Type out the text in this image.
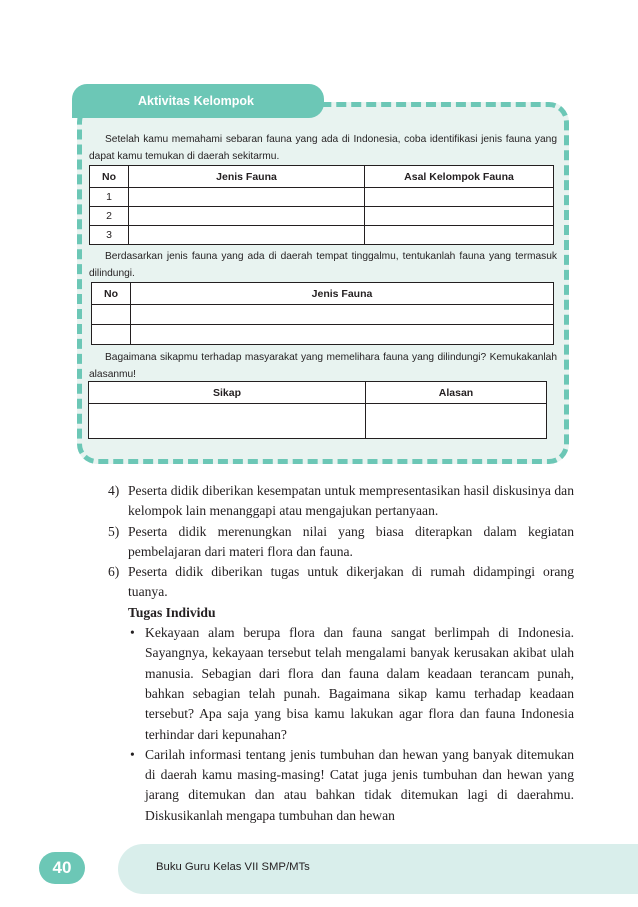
Aktivitas Kelompok

Setelah kamu memahami sebaran fauna yang ada di Indonesia, coba identifikasi jenis fauna yang dapat kamu temukan di daerah sekitarmu.

No	Jenis Fauna	Asal Kelompok Fauna
1		
2		
3		

Berdasarkan jenis fauna yang ada di daerah tempat tinggalmu, tentukanlah fauna yang termasuk dilindungi.

No	Jenis Fauna

Bagaimana sikapmu terhadap masyarakat yang memelihara fauna yang dilindungi? Kemukakanlah alasanmu!

Sikap	Alasan

4) Peserta didik diberikan kesempatan untuk mempresentasikan hasil diskusinya dan kelompok lain menanggapi atau mengajukan pertanyaan.
5) Peserta didik merenungkan nilai yang biasa diterapkan dalam kegiatan pembelajaran dari materi flora dan fauna.
6) Peserta didik diberikan tugas untuk dikerjakan di rumah didampingi orang tuanya.
Tugas Individu
• Kekayaan alam berupa flora dan fauna sangat berlimpah di Indonesia. Sayangnya, kekayaan tersebut telah mengalami banyak kerusakan akibat ulah manusia. Sebagian dari flora dan fauna dalam keadaan terancam punah, bahkan sebagian telah punah. Bagaimana sikap kamu terhadap keadaan tersebut? Apa saja yang bisa kamu lakukan agar flora dan fauna Indonesia terhindar dari kepunahan?
• Carilah informasi tentang jenis tumbuhan dan hewan yang banyak ditemukan di daerah kamu masing-masing! Catat juga jenis tumbuhan dan hewan yang jarang ditemukan dan atau bahkan tidak ditemukan lagi di daerahmu. Diskusikanlah mengapa tumbuhan dan hewan
40	Buku Guru Kelas VII SMP/MTs
